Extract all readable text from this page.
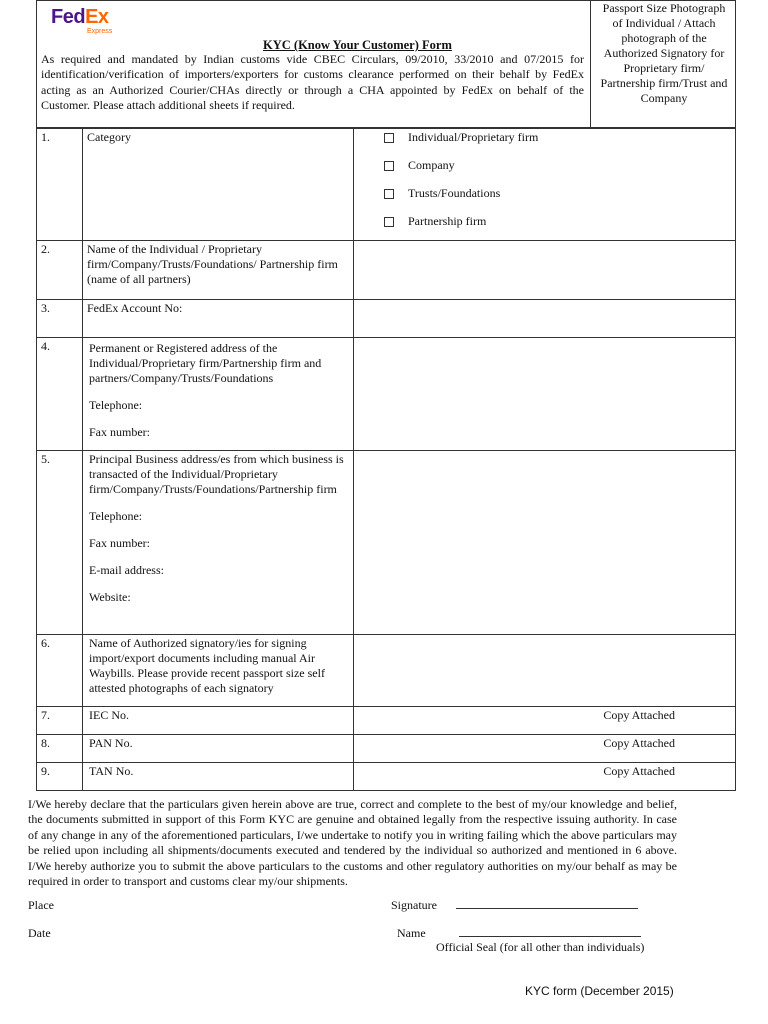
FedEx
Express
KYC (Know Your Customer) Form
As required and mandated by Indian customs vide CBEC Circulars, 09/2010, 33/2010 and 07/2015 for identification/verification of importers/exporters for customs clearance performed on their behalf by FedEx acting as an Authorized Courier/CHAs directly or through a CHA appointed by FedEx on behalf of the Customer. Please attach additional sheets if required.
Passport Size Photograph of Individual / Attach photograph of the Authorized Signatory for Proprietary firm/ Partnership firm/Trust and Company
1.	Category	Individual/Proprietary firm
Company
Trusts/Foundations
Partnership firm

2.	Name of the Individual / Proprietary firm/Company/Trusts/Foundations/ Partnership firm (name of all partners)	
3.	FedEx Account No:	
4.	Permanent or Registered address of the Individual/Proprietary firm/Partnership firm and partners/Company/Trusts/Foundations
Telephone:
Fax number:	

5.	Principal Business address/es from which business is transacted of the Individual/Proprietary firm/Company/Trusts/Foundations/Partnership firm
Telephone:
Fax number:
E-mail address:
Website:	

6.	Name of Authorized signatory/ies for signing import/export documents including manual Air Waybills. Please provide recent passport size self attested photographs of each signatory	
7.	IEC No.	Copy Attached
8.	PAN No.	Copy Attached
9.	TAN No.	Copy Attached
I/We hereby declare that the particulars given herein above are true, correct and complete to the best of my/our knowledge and belief, the documents submitted in support of this Form KYC are genuine and obtained legally from the respective issuing authority. In case of any change in any of the aforementioned particulars, I/we undertake to notify you in writing failing which the above particulars may be relied upon including all shipments/documents executed and tendered by the individual so authorized and mentioned in 6 above. I/We hereby authorize you to submit the above particulars to the customs and other regulatory authorities on my/our behalf as may be required in order to transport and customs clear my/our shipments.
Place	Signature
Date	Name
Official Seal (for all other than individuals)
KYC form (December 2015)
